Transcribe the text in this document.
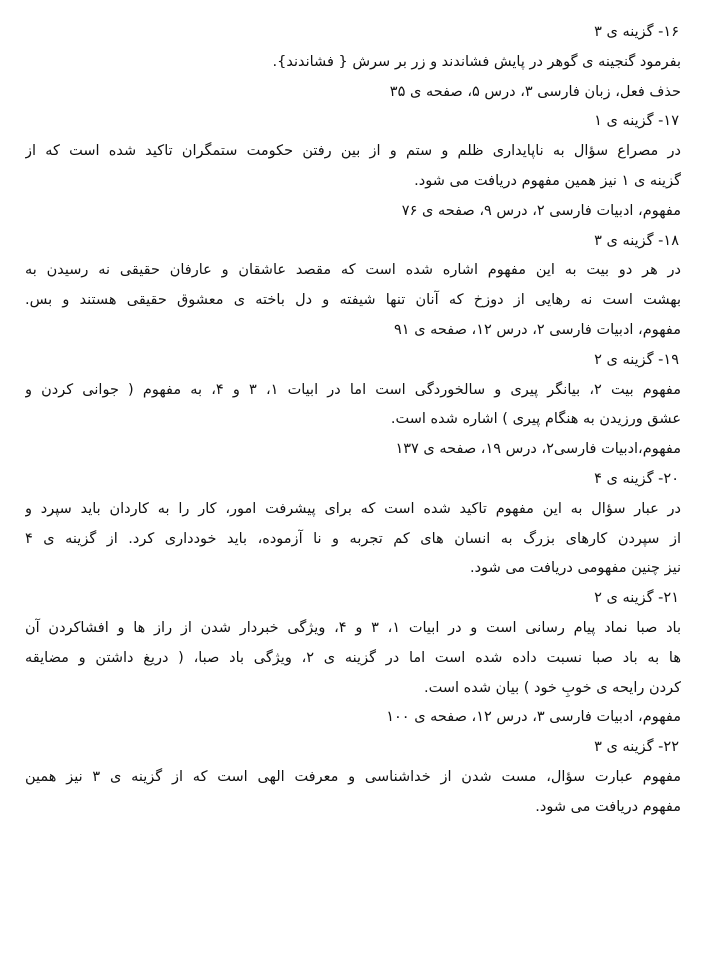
۱۶- گزینه ی ۳
بفرمود گنجینه ی گوهر در پایش فشاندند و زر بر سرش { فشاندند}.
حذف فعل، زبان فارسی ۳، درس ۵، صفحه ی ۳۵
۱۷- گزینه ی ۱
در مصراع سؤال به ناپایداری ظلم و ستم و از بین رفتن حکومت ستمگران تاکید شده است که از
گزینه ی ۱ نیز همین مفهوم دریافت می شود.
مفهوم، ادبیات فارسی ۲، درس ۹، صفحه ی ۷۶
۱۸- گزینه ی ۳
در هر دو بیت به این مفهوم اشاره شده است که مقصد عاشقان و عارفان حقیقی نه رسیدن به
بهشت است نه رهایی از دوزخ که آنان تنها شیفته و دل باخته ی معشوق حقیقی هستند و بس.
مفهوم، ادبیات فارسی ۲، درس ۱۲، صفحه ی ۹۱
۱۹- گزینه ی ۲
مفهوم بیت ۲، بیانگر پیری و سالخوردگی است اما در ابیات ۱، ۳ و ۴، به مفهوم ( جوانی کردن و
عشق ورزیدن به هنگام پیری ) اشاره شده است.
مفهوم،ادبیات فارسی۲، درس ۱۹، صفحه ی ۱۳۷
۲۰- گزینه ی ۴
در عبار سؤال به این مفهوم تاکید شده است که برای پیشرفت امور، کار را به کاردان باید سپرد و
از سپردن کارهای بزرگ به انسان های کم تجربه و نا آزموده، باید خودداری کرد. از گزینه ی ۴
نیز چنین مفهومی دریافت می شود.
۲۱- گزینه ی ۲
باد صبا نماد پیام رسانی است و در ابیات ۱، ۳ و ۴، ویژگی خبردار شدن از راز ها و افشاکردن آن
ها به باد صبا نسبت داده شده است اما در گزینه ی ۲، ویژگی باد صبا، ( دریغ داشتن و مضایقه
کردن رایحه ی خوبِ خود ) بیان شده است.
مفهوم، ادبیات فارسی ۳، درس ۱۲، صفحه ی ۱۰۰
۲۲- گزینه ی ۳
مفهوم عبارت سؤال، مست شدن از خداشناسی و معرفت الهی است که از گزینه ی ۳ نیز همین
مفهوم دریافت می شود.
